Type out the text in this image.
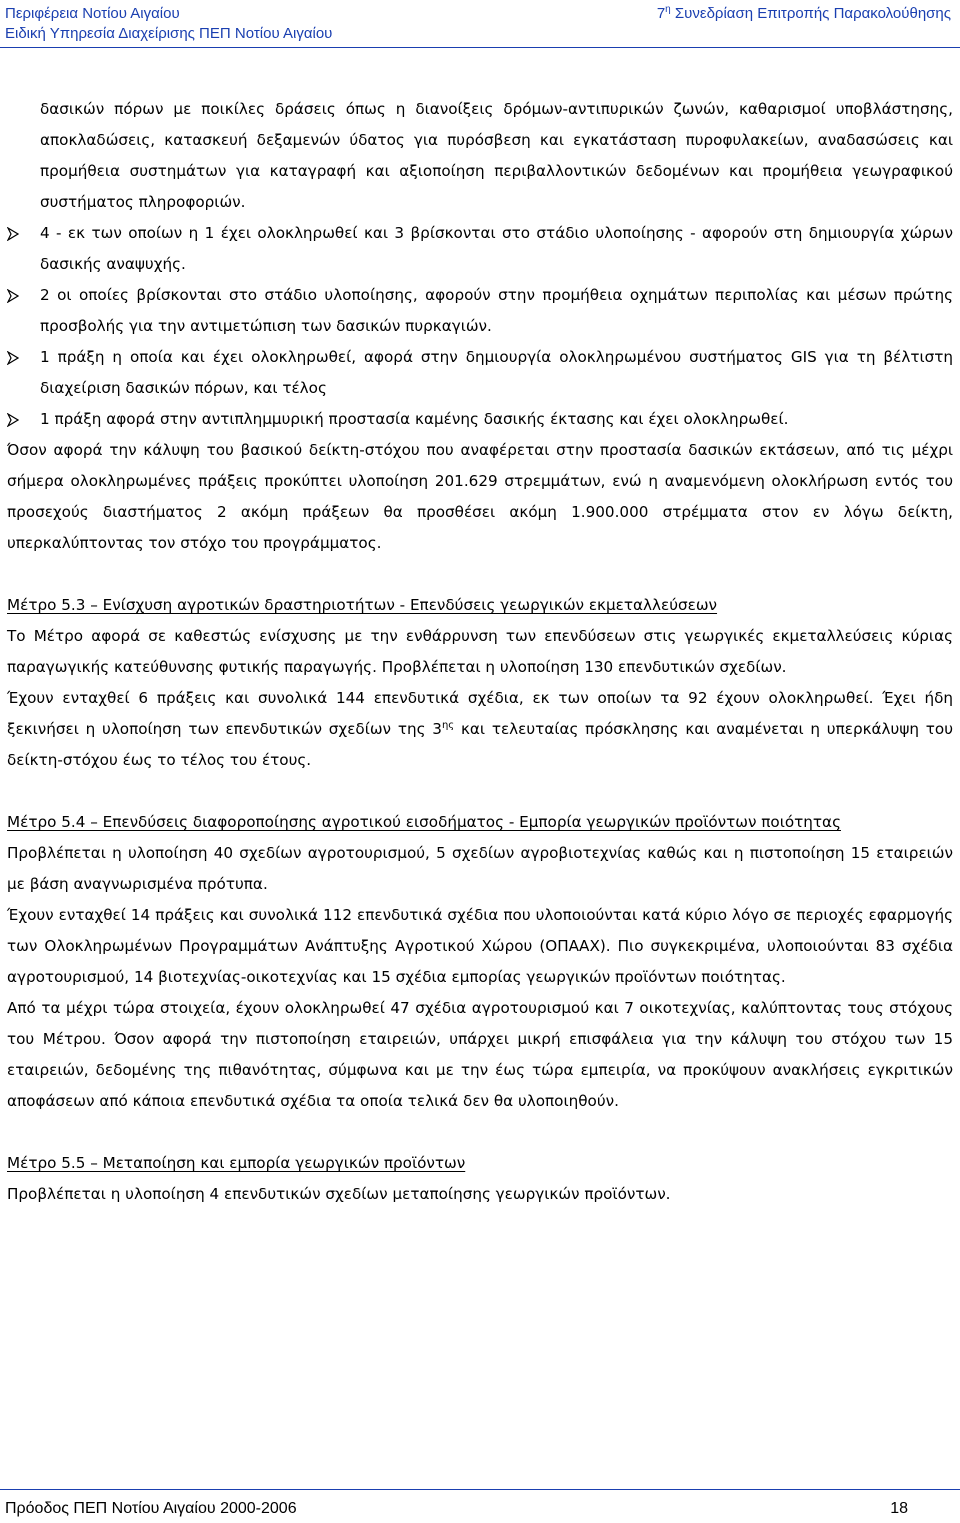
Περιφέρεια Νοτίου Αιγαίου
Ειδική Υπηρεσία Διαχείρισης ΠΕΠ Νοτίου Αιγαίου
$7^\eta$ Συνεδρίαση Επιτροπής Παρακολούθησης

δασικών πόρων με ποικίλες δράσεις όπως η διανοίξεις δρόμων-αντιπυρικών ζωνών, καθαρισμοί υποβλάστησης, αποκλαδώσεις, κατασκευή δεξαμενών ύδατος για πυρόσβεση και εγκατάσταση πυροφυλακείων, αναδασώσεις και προμήθεια συστημάτων για καταγραφή και αξιοποίηση περιβαλλοντικών δεδομένων και προμήθεια γεωγραφικού συστήματος πληροφοριών.

4 - εκ των οποίων η 1 έχει ολοκληρωθεί και 3 βρίσκονται στο στάδιο υλοποίησης - αφορούν στη δημιουργία χώρων δασικής αναψυχής.
2 οι οποίες βρίσκονται στο στάδιο υλοποίησης, αφορούν στην προμήθεια οχημάτων περιπολίας και μέσων πρώτης προσβολής για την αντιμετώπιση των δασικών πυρκαγιών.
1 πράξη η οποία και έχει ολοκληρωθεί, αφορά στην δημιουργία ολοκληρωμένου συστήματος GIS για τη βέλτιστη διαχείριση δασικών πόρων, και τέλος
1 πράξη αφορά στην αντιπλημμυρική προστασία καμένης δασικής έκτασης και έχει ολοκληρωθεί.

Όσον αφορά την κάλυψη του βασικού δείκτη-στόχου που αναφέρεται στην προστασία δασικών εκτάσεων, από τις μέχρι σήμερα ολοκληρωμένες πράξεις προκύπτει υλοποίηση 201.629 στρεμμάτων, ενώ η αναμενόμενη ολοκλήρωση εντός του προσεχούς διαστήματος 2 ακόμη πράξεων θα προσθέσει ακόμη 1.900.000 στρέμματα στον εν λόγω δείκτη, υπερκαλύπτοντας τον στόχο του προγράμματος.

Μέτρο 5.3 – Ενίσχυση αγροτικών δραστηριοτήτων - Επενδύσεις γεωργικών εκμεταλλεύσεων

Το Μέτρο αφορά σε καθεστώς ενίσχυσης με την ενθάρρυνση των επενδύσεων στις γεωργικές εκμεταλλεύσεις κύριας παραγωγικής κατεύθυνσης φυτικής παραγωγής. Προβλέπεται η υλοποίηση 130 επενδυτικών σχεδίων.

Έχουν ενταχθεί 6 πράξεις και συνολικά 144 επενδυτικά σχέδια, εκ των οποίων τα 92 έχουν ολοκληρωθεί. Έχει ήδη ξεκινήσει η υλοποίηση των επενδυτικών σχεδίων της $3^{\eta\varsigma}$ και τελευταίας πρόσκλησης και αναμένεται η υπερκάλυψη του δείκτη-στόχου έως το τέλος του έτους.

Μέτρο 5.4 – Επενδύσεις διαφοροποίησης αγροτικού εισοδήματος - Εμπορία γεωργικών προϊόντων ποιότητας

Προβλέπεται η υλοποίηση 40 σχεδίων αγροτουρισμού, 5 σχεδίων αγροβιοτεχνίας καθώς και η πιστοποίηση 15 εταιρειών με βάση αναγνωρισμένα πρότυπα.

Έχουν ενταχθεί 14 πράξεις και συνολικά 112 επενδυτικά σχέδια που υλοποιούνται κατά κύριο λόγο σε περιοχές εφαρμογής των Ολοκληρωμένων Προγραμμάτων Ανάπτυξης Αγροτικού Χώρου (ΟΠΑΑΧ). Πιο συγκεκριμένα, υλοποιούνται 83 σχέδια αγροτουρισμού, 14 βιοτεχνίας-οικοτεχνίας και 15 σχέδια εμπορίας γεωργικών προϊόντων ποιότητας.

Από τα μέχρι τώρα στοιχεία, έχουν ολοκληρωθεί 47 σχέδια αγροτουρισμού και 7 οικοτεχνίας, καλύπτοντας τους στόχους του Μέτρου. Όσον αφορά την πιστοποίηση εταιρειών, υπάρχει μικρή επισφάλεια για την κάλυψη του στόχου των 15 εταιρειών, δεδομένης της πιθανότητας, σύμφωνα και με την έως τώρα εμπειρία, να προκύψουν ανακλήσεις εγκριτικών αποφάσεων από κάποια επενδυτικά σχέδια τα οποία τελικά δεν θα υλοποιηθούν.

Μέτρο 5.5 – Μεταποίηση και εμπορία γεωργικών προϊόντων

Προβλέπεται η υλοποίηση 4 επενδυτικών σχεδίων μεταποίησης γεωργικών προϊόντων.

Πρόοδος ΠΕΠ Νοτίου Αιγαίου 2000-2006	18
